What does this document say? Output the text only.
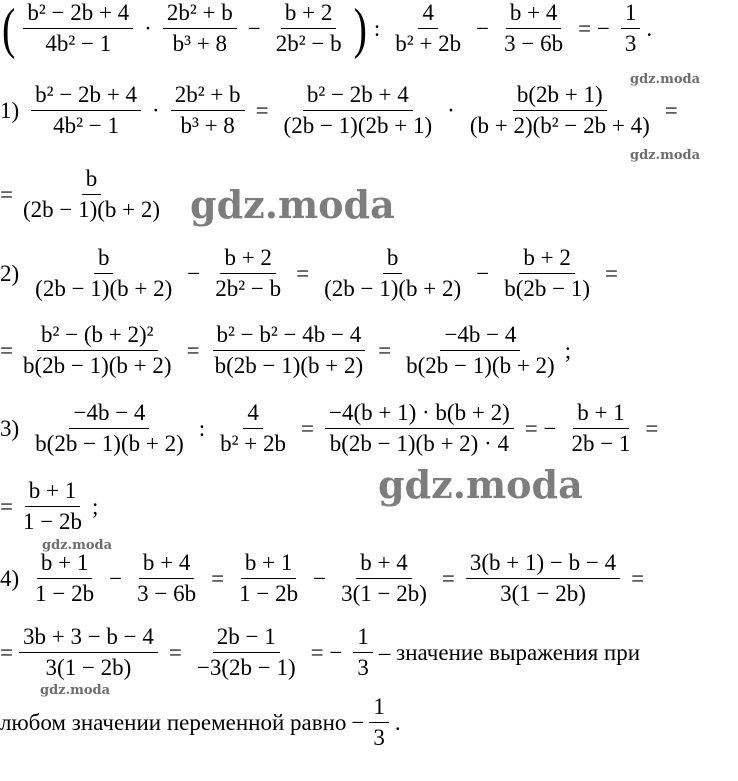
( $\frac{\text{b² − 2b + 4}}{\text{4b² − 1}} \cdot \frac{\text{2b² + b}}{\text{b³ + 8}} - \frac{b + 2}{\text{2b² − b}}$ ) : $\frac{4}{\text{b² + 2b}} - \frac{b + 4}{3 - 6b}$ = − $\frac{1}{3}$ .
$1) \frac{\text{b² − 2b + 4}}{\text{4b² − 1}} \cdot \frac{\text{2b² + b}}{\text{b³ + 8}} = \frac{\text{b² − 2b + 4}}{(2b - 1)(2b + 1)} \cdot \frac{b(2b + 1)}{\text{(b + 2)(b² − 2b + 4)}}$ =
= $\frac{b}{(2b - 1)(b + 2)}$
$2) \frac{b}{(2b - 1)(b + 2)} - \frac{b + 2}{\text{2b² − b}} = \frac{b}{(2b - 1)(b + 2)} - \frac{b + 2}{b(2b - 1)}$ =
= $\frac{\text{b² − (b + 2)²}}{b(2b - 1)(b + 2)} = \frac{\text{b² − b² − 4b − 4}}{b(2b - 1)(b + 2)} = \frac{-4b - 4}{b(2b - 1)(b + 2)}$ ;
$3) \frac{-4b - 4}{b(2b - 1)(b + 2)}$ : $\frac{4}{\text{b² + 2b}} = \frac{-4(b + 1) \cdot b(b + 2)}{b(2b - 1)(b + 2) \cdot 4}$ = − $\frac{b + 1}{2b - 1}$ =
= $\frac{b + 1}{1 - 2b}$ ;
$4) \frac{b + 1}{1 - 2b} - \frac{b + 4}{3 - 6b} = \frac{b + 1}{1 - 2b} - \frac{b + 4}{3(1 - 2b)} = \frac{3(b + 1) - b - 4}{3(1 - 2b)}$ =
= $\frac{3b + 3 - b - 4}{3(1 - 2b)} = \frac{2b - 1}{-3(2b - 1)}$ = − $\frac{1}{3}$ – значение выражения при
любом значении переменной равно − $\frac{1}{3}$ .
gdz.moda
gdz.moda
gdz.moda
gdz.moda
gdz.moda
gdz.moda
